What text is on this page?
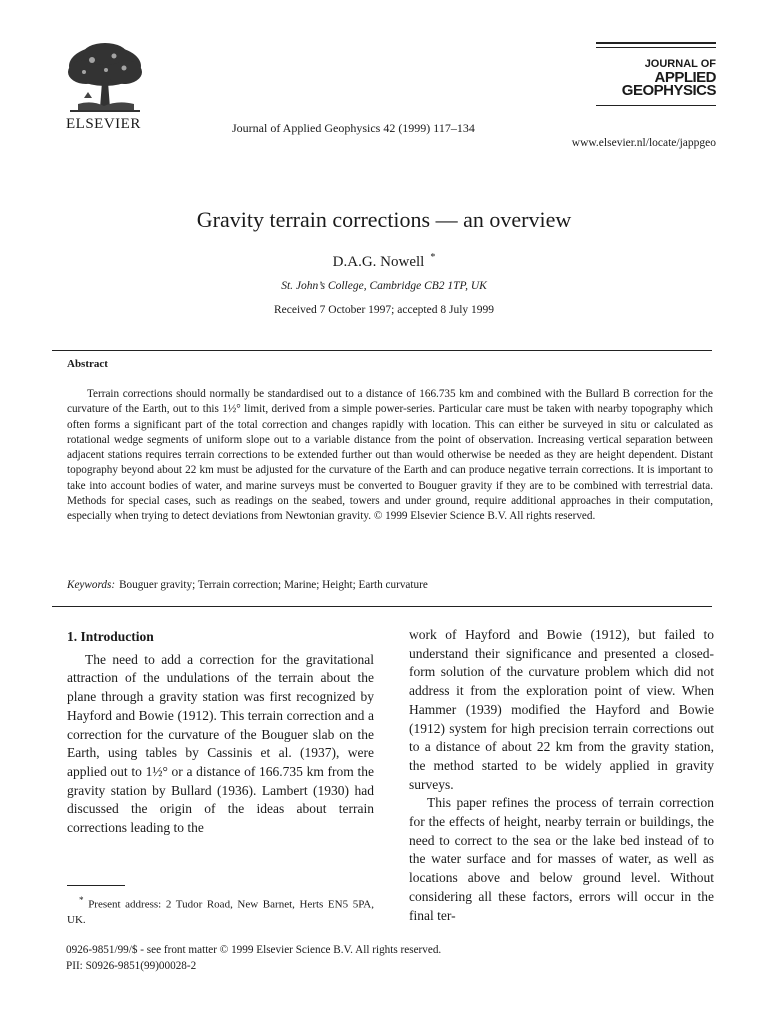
ELSEVIER	Journal of Applied Geophysics 42 (1999) 117–134
JOURNAL OF
APPLIED
GEOPHYSICS
www.elsevier.nl/locate/jappgeo
Gravity terrain corrections — an overview
D.A.G. Nowell *
St. John’s College, Cambridge CB2 1TP, UK
Received 7 October 1997; accepted 8 July 1999
Abstract
Terrain corrections should normally be standardised out to a distance of 166.735 km and combined with the Bullard B correction for the curvature of the Earth, out to this 1½° limit, derived from a simple power-series. Particular care must be taken with nearby topography which often forms a significant part of the total correction and changes rapidly with location. This can either be surveyed in situ or calculated as rotational wedge segments of uniform slope out to a variable distance from the point of observation. Increasing vertical separation between adjacent stations requires terrain corrections to be extended further out than would otherwise be needed as they are height dependent. Distant topography beyond about 22 km must be adjusted for the curvature of the Earth and can produce negative terrain corrections. It is important to take into account bodies of water, and marine surveys must be converted to Bouguer gravity if they are to be combined with terrestrial data. Methods for special cases, such as readings on the seabed, towers and under ground, require additional approaches in their computation, especially when trying to detect deviations from Newtonian gravity. © 1999 Elsevier Science B.V. All rights reserved.
Keywords: Bouguer gravity; Terrain correction; Marine; Height; Earth curvature
1. Introduction

The need to add a correction for the gravitational attraction of the undulations of the terrain about the plane through a gravity station was first recognized by Hayford and Bowie (1912). This terrain correction and a correction for the curvature of the Bouguer slab on the Earth, using tables by Cassinis et al. (1937), were applied out to 1½° or a distance of 166.735 km from the gravity station by Bullard (1936). Lambert (1930) had discussed the origin of the ideas about terrain corrections leading to the

work of Hayford and Bowie (1912), but failed to understand their significance and presented a closed-form solution of the curvature problem which did not address it from the exploration point of view. When Hammer (1939) modified the Hayford and Bowie (1912) system for high precision terrain corrections out to a distance of about 22 km from the gravity station, the method started to be widely applied in gravity surveys.

This paper refines the process of terrain correction for the effects of height, nearby terrain or buildings, the need to correct to the sea or the lake bed instead of to the water surface and for masses of water, as well as locations above and below ground level. Without considering all these factors, errors will occur in the final ter-

* Present address: 2 Tudor Road, New Barnet, Herts EN5 5PA, UK.
0926-9851/99/$ - see front matter © 1999 Elsevier Science B.V. All rights reserved.
PII: S0926-9851(99)00028-2
